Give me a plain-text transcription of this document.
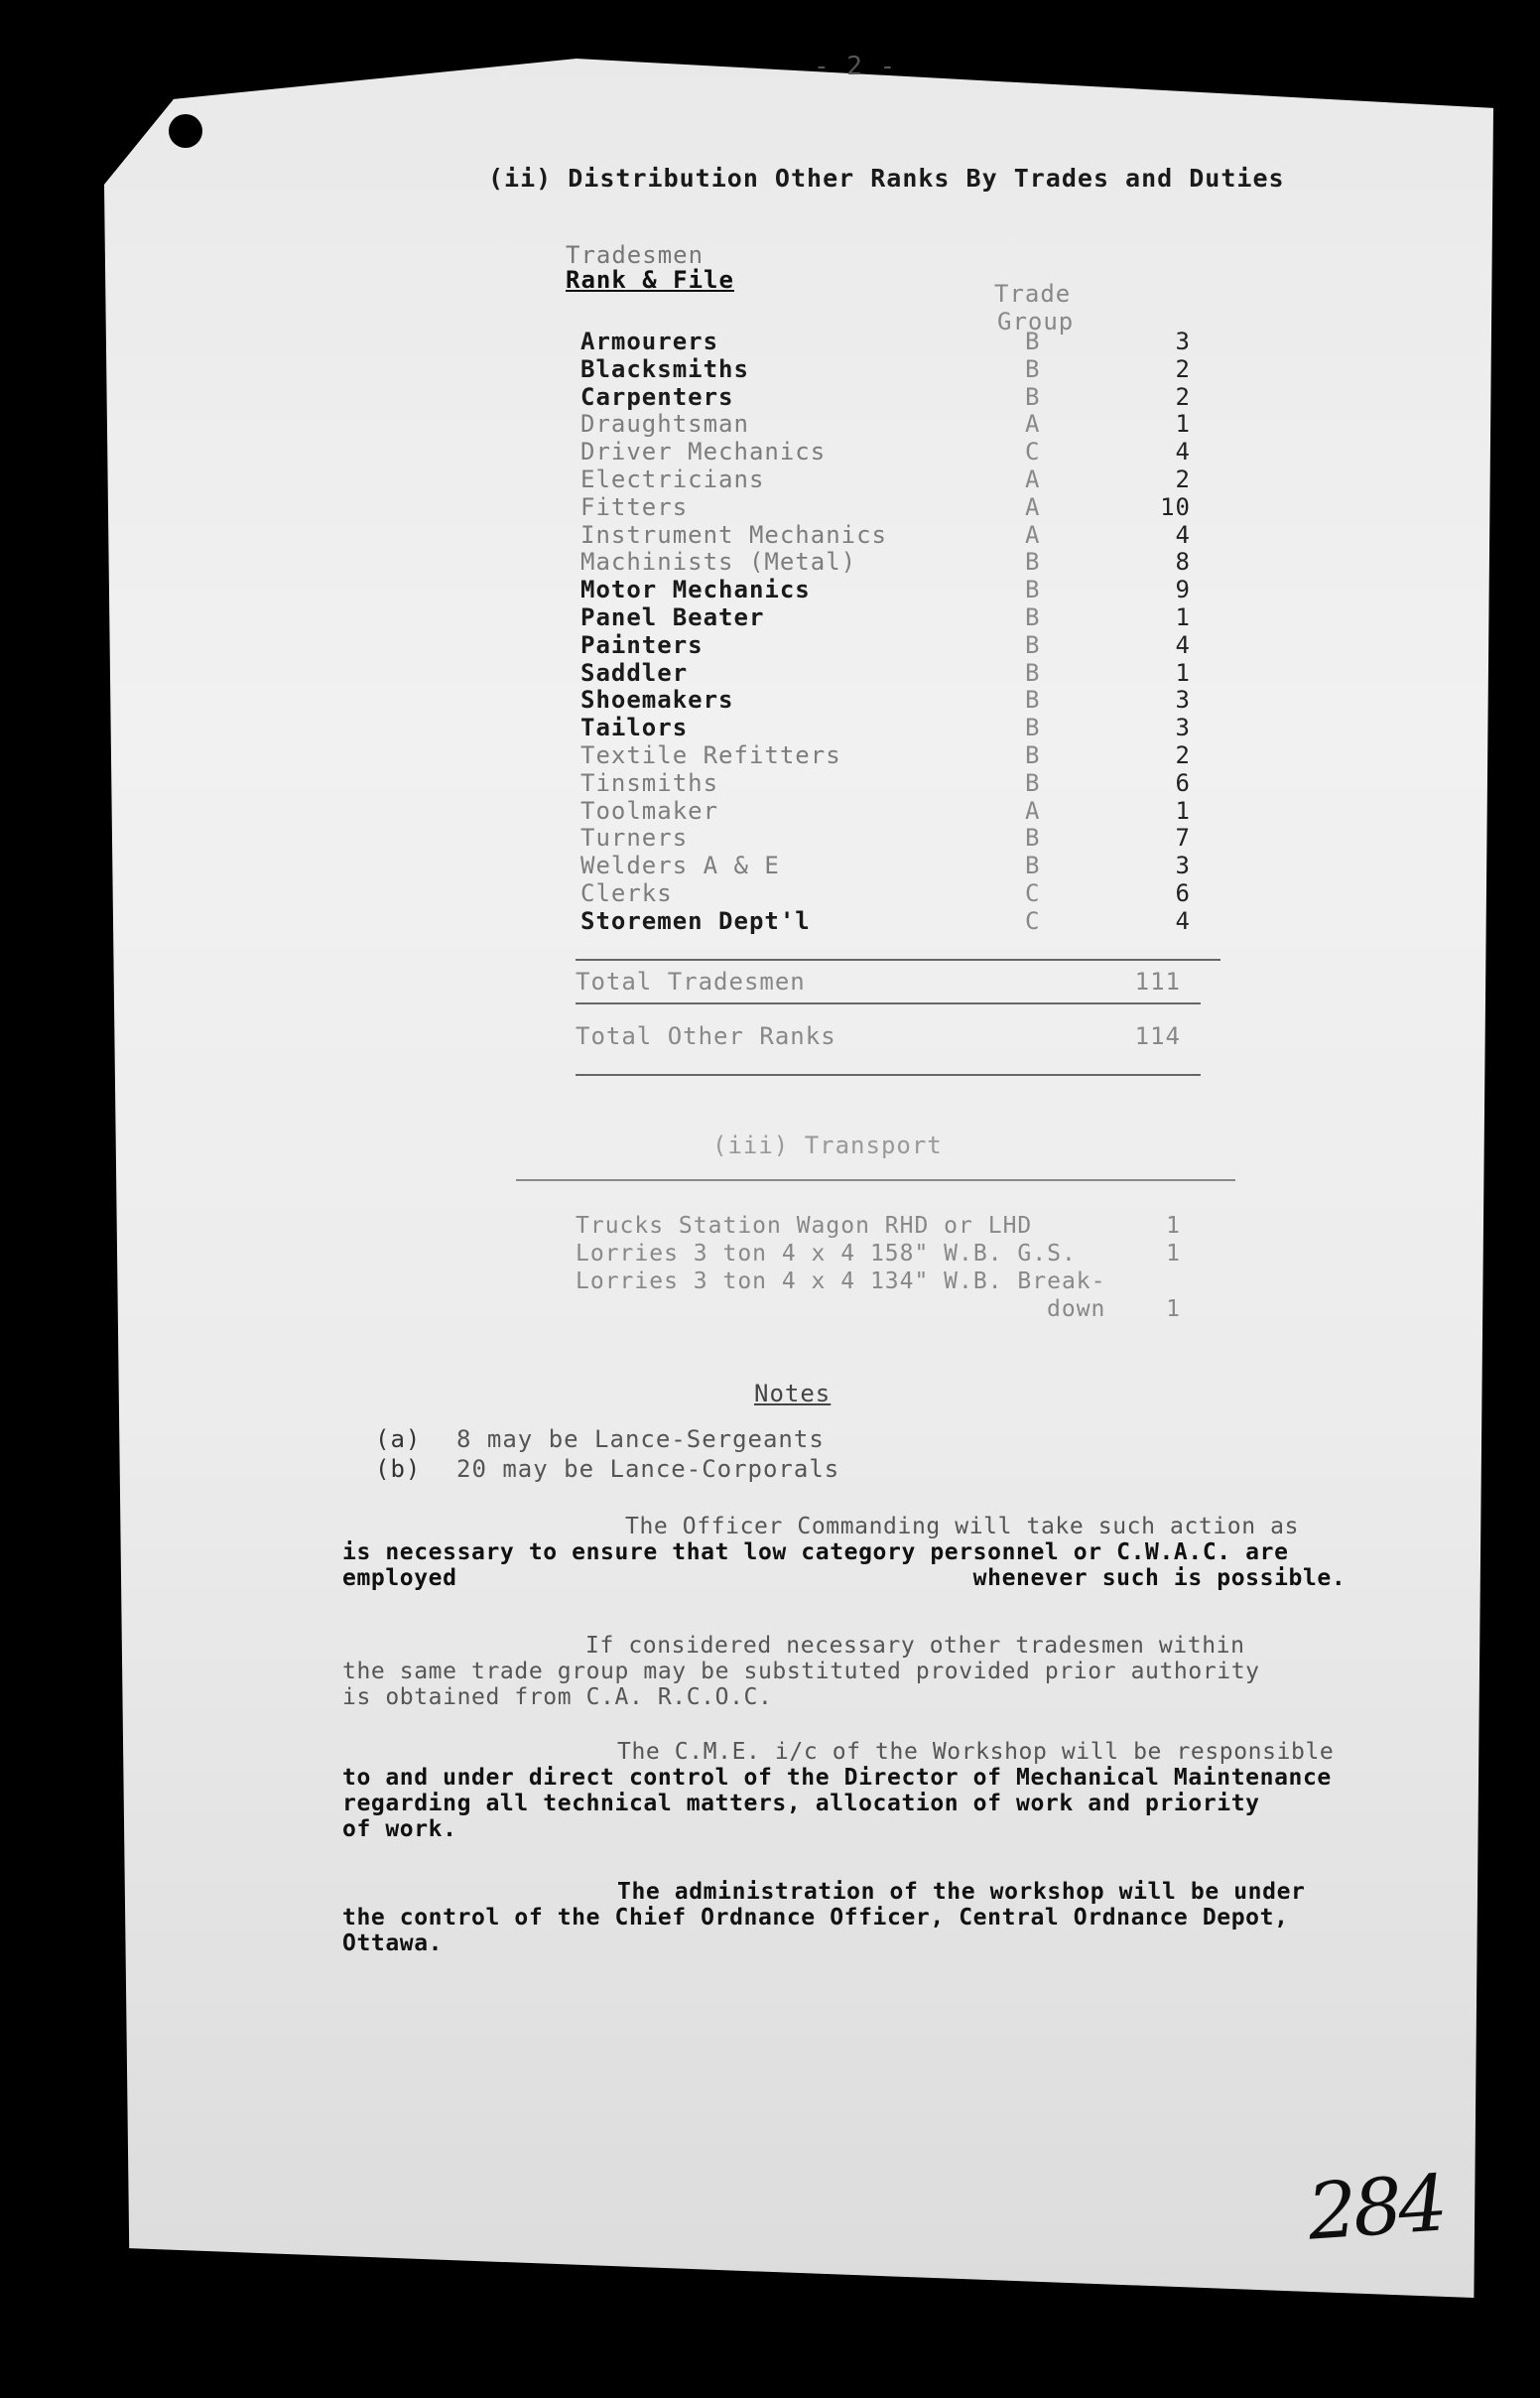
- 2 -
(ii) Distribution Other Ranks By Trades and Duties
Tradesmen
Rank & File	Trade
Group
Armourers	B	3
Blacksmiths	B	2
Carpenters	B	2
Draughtsman	A	1
Driver Mechanics	C	4
Electricians	A	2
Fitters	A	10
Instrument Mechanics	A	4
Machinists (Metal)	B	8
Motor Mechanics	B	9
Panel Beater	B	1
Painters	B	4
Saddler	B	1
Shoemakers	B	3
Tailors	B	3
Textile Refitters	B	2
Tinsmiths	B	6
Toolmaker	A	1
Turners	B	7
Welders A & E	B	3
Clerks	C	6
Storemen Dept'l	C	4
Total Tradesmen	111
Total Other Ranks	114
(iii) Transport
Trucks Station Wagon RHD or LHD	1
Lorries 3 ton 4 x 4 158" W.B. G.S.	1
Lorries 3 ton 4 x 4 134" W.B. Break-
down	1
Notes
(a) 8 may be Lance-Sergeants
(b) 20 may be Lance-Corporals
The Officer Commanding will take such action as
is necessary to ensure that low category personnel or C.W.A.C. are
employed                                    whenever such is possible.
If considered necessary other tradesmen within
the same trade group may be substituted provided prior authority
is obtained from C.A. R.C.O.C.
The C.M.E. i/c of the Workshop will be responsible
to and under direct control of the Director of Mechanical Maintenance
regarding all technical matters, allocation of work and priority
of work.
The administration of the workshop will be under
the control of the Chief Ordnance Officer, Central Ordnance Depot,
Ottawa.
284
